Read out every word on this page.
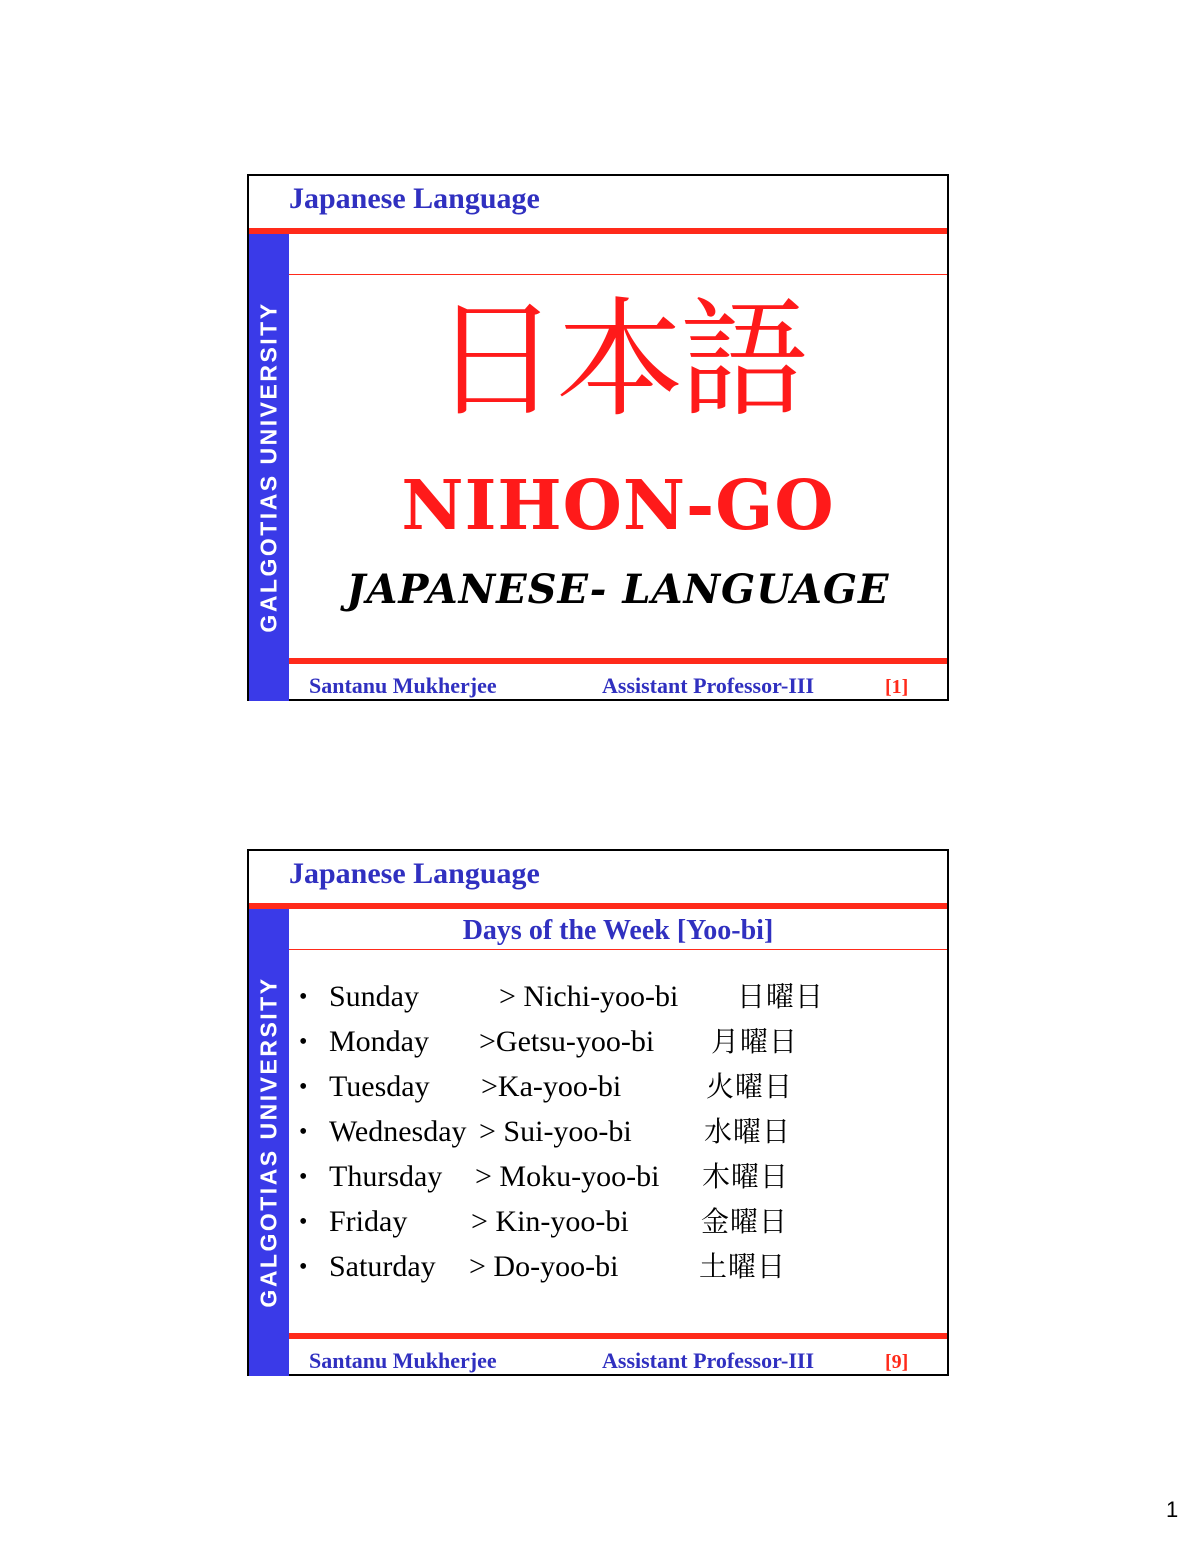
Japanese Language
GALGOTIAS UNIVERSITY	日本語
NIHON-GO
JAPANESE- LANGUAGE
Santanu Mukherjee	Assistant Professor-III	[1]
Japanese Language
GALGOTIAS UNIVERSITY
Days of the Week [Yoo-bi]
• Sunday	> Nichi-yoo-bi 日曜日
• Monday >Getsu-yoo-bi 月曜日
• Tuesday >Ka-yoo-bi	火曜日
• Wednesday > Sui-yoo-bi	水曜日
• Thursday > Moku-yoo-bi 木曜日
• Friday > Kin-yoo-bi	金曜日
• Saturday > Do-yoo-bi	土曜日
Santanu Mukherjee	Assistant Professor-III	[9]
1
